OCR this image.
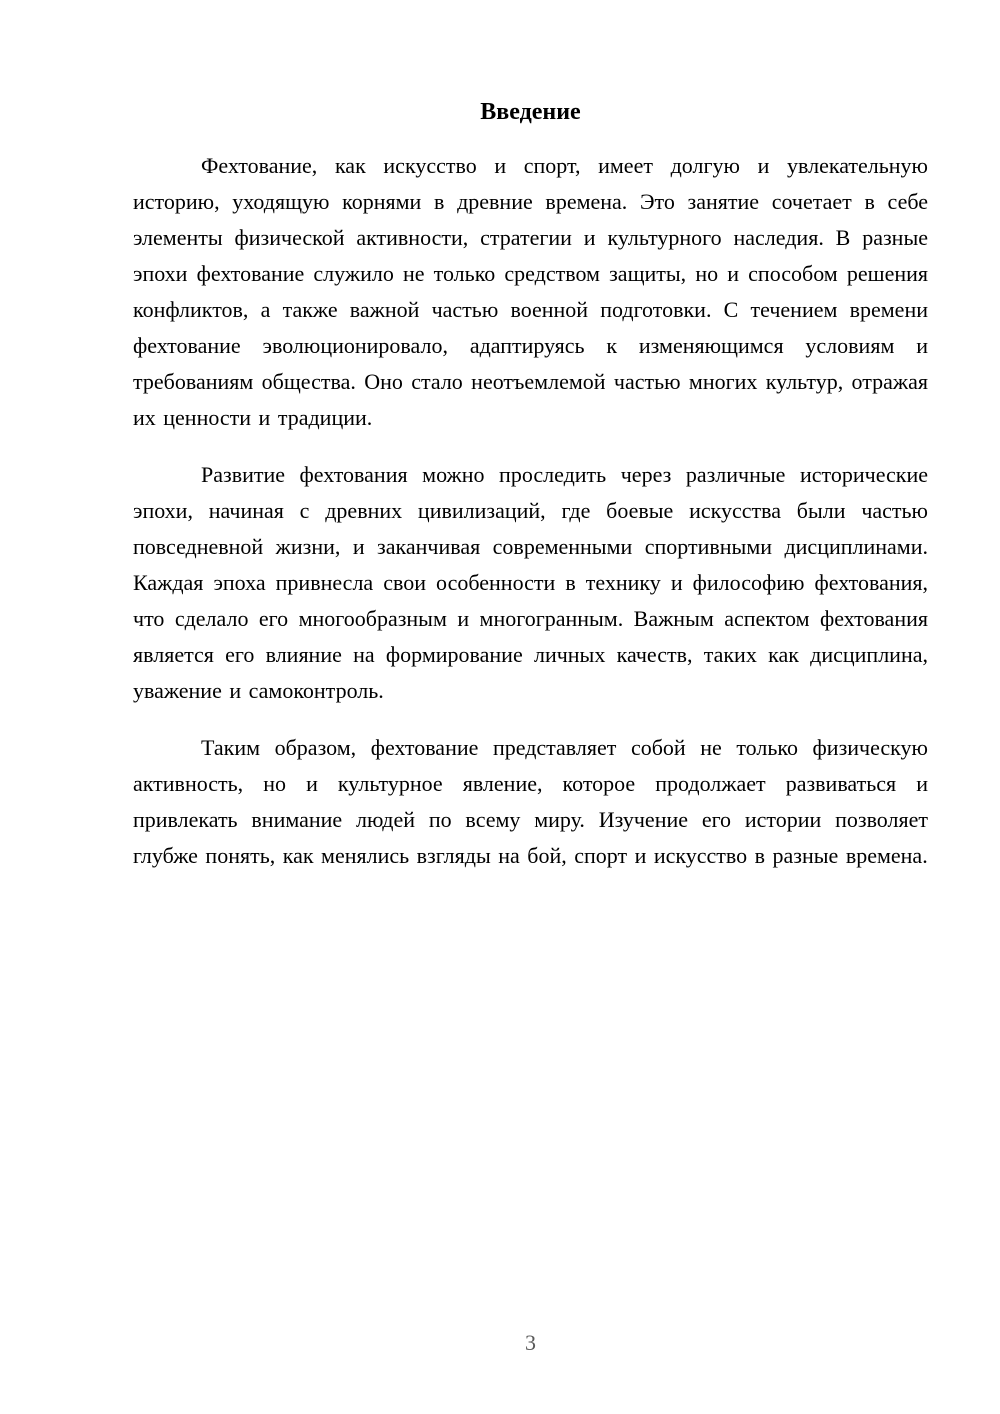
Введение

Фехтование, как искусство и спорт, имеет долгую и увлекательную историю, уходящую корнями в древние времена. Это занятие сочетает в себе элементы физической активности, стратегии и культурного наследия. В разные эпохи фехтование служило не только средством защиты, но и способом решения конфликтов, а также важной частью военной подготовки. С течением времени фехтование эволюционировало, адаптируясь к изменяющимся условиям и требованиям общества. Оно стало неотъемлемой частью многих культур, отражая их ценности и традиции.

Развитие фехтования можно проследить через различные исторические эпохи, начиная с древних цивилизаций, где боевые искусства были частью повседневной жизни, и заканчивая современными спортивными дисциплинами. Каждая эпоха привнесла свои особенности в технику и философию фехтования, что сделало его многообразным и многогранным. Важным аспектом фехтования является его влияние на формирование личных качеств, таких как дисциплина, уважение и самоконтроль.

Таким образом, фехтование представляет собой не только физическую активность, но и культурное явление, которое продолжает развиваться и привлекать внимание людей по всему миру. Изучение его истории позволяет глубже понять, как менялись взгляды на бой, спорт и искусство в разные времена.

3
